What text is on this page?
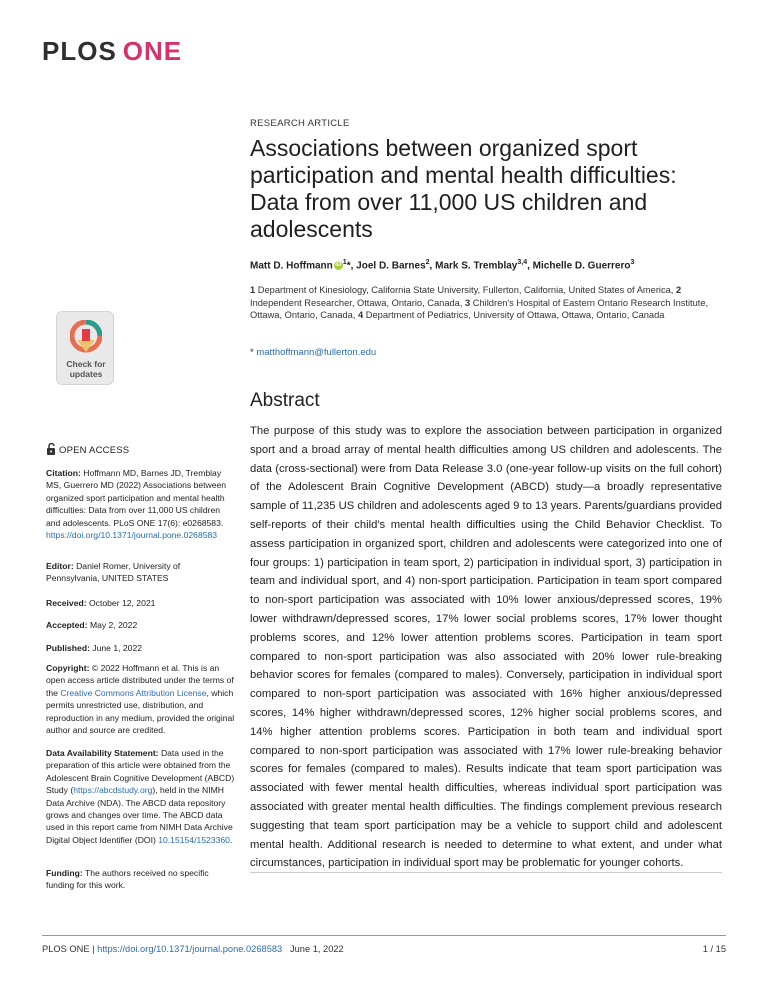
PLOS ONE
RESEARCH ARTICLE
Associations between organized sport participation and mental health difficulties: Data from over 11,000 US children and adolescents
Matt D. Hoffmann iD $^1$*, Joel D. Barnes$^2$, Mark S. Tremblay$^{3,4}$, Michelle D. Guerrero$^3$
1 Department of Kinesiology, California State University, Fullerton, California, United States of America, 2 Independent Researcher, Ottawa, Ontario, Canada, 3 Children's Hospital of Eastern Ontario Research Institute, Ottawa, Ontario, Canada, 4 Department of Pediatrics, University of Ottawa, Ottawa, Ontario, Canada
* matthoffmann@fullerton.edu
Abstract

The purpose of this study was to explore the association between participation in organized sport and a broad array of mental health difficulties among US children and adolescents. The data (cross-sectional) were from Data Release 3.0 (one-year follow-up visits on the full cohort) of the Adolescent Brain Cognitive Development (ABCD) study—a broadly representative sample of 11,235 US children and adolescents aged 9 to 13 years. Parents/guardians provided self-reports of their child's mental health difficulties using the Child Behavior Checklist. To assess participation in organized sport, children and adolescents were categorized into one of four groups: 1) participation in team sport, 2) participation in individual sport, 3) participation in team and individual sport, and 4) non-sport participation. Participation in team sport compared to non-sport participation was associated with 10% lower anxious/depressed scores, 19% lower withdrawn/depressed scores, 17% lower social problems scores, 17% lower thought problems scores, and 12% lower attention problems scores. Participation in team sport compared to non-sport participation was also associated with 20% lower rule-breaking behavior scores for females (compared to males). Conversely, participation in individual sport compared to non-sport participation was associated with 16% higher anxious/depressed scores, 14% higher withdrawn/depressed scores, 12% higher social problems scores, and 14% higher attention problems scores. Participation in both team and individual sport compared to non-sport participation was associated with 17% lower rule-breaking behavior scores for females (compared to males). Results indicate that team sport participation was associated with fewer mental health difficulties, whereas individual sport participation was associated with greater mental health difficulties. The findings complement previous research suggesting that team sport participation may be a vehicle to support child and adolescent mental health. Additional research is needed to determine to what extent, and under what circumstances, participation in individual sport may be problematic for younger cohorts.

Check for
updates
OPEN ACCESS
Citation: Hoffmann MD, Barnes JD, Tremblay MS, Guerrero MD (2022) Associations between organized sport participation and mental health difficulties: Data from over 11,000 US children and adolescents. PLoS ONE 17(6): e0268583. https://doi.org/10.1371/journal.pone.0268583
Editor: Daniel Romer, University of Pennsylvania, UNITED STATES
Received: October 12, 2021
Accepted: May 2, 2022
Published: June 1, 2022
Copyright: © 2022 Hoffmann et al. This is an open access article distributed under the terms of the Creative Commons Attribution License, which permits unrestricted use, distribution, and reproduction in any medium, provided the original author and source are credited.
Data Availability Statement: Data used in the preparation of this article were obtained from the Adolescent Brain Cognitive Development (ABCD) Study (https://abcdstudy.org), held in the NIMH Data Archive (NDA). The ABCD data repository grows and changes over time. The ABCD data used in this report came from NIMH Data Archive Digital Object Identifier (DOI) 10.15154/1523360.
Funding: The authors received no specific funding for this work.
PLOS ONE | https://doi.org/10.1371/journal.pone.0268583 June 1, 2022	1 / 15
